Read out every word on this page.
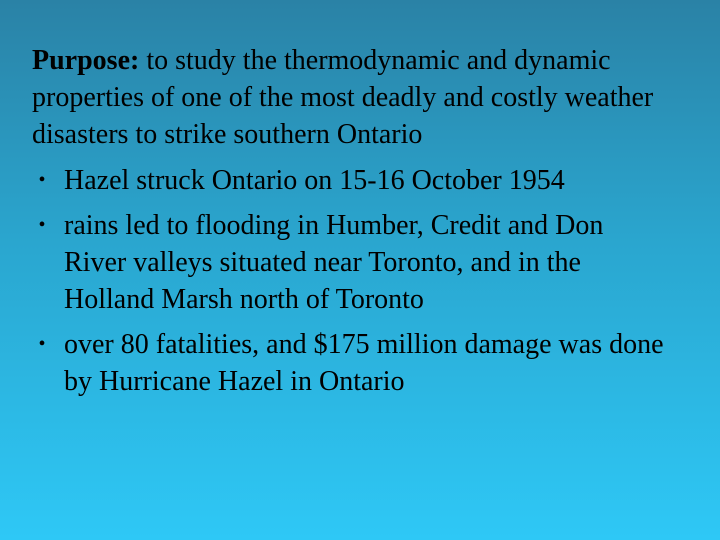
Purpose: to study the thermodynamic and dynamic properties of one of the most deadly and costly weather disasters to strike southern Ontario

• Hazel struck Ontario on 15-16 October 1954
• rains led to flooding in Humber, Credit and Don River valleys situated near Toronto, and in the Holland Marsh north of Toronto
• over 80 fatalities, and $175 million damage was done by Hurricane Hazel in Ontario
